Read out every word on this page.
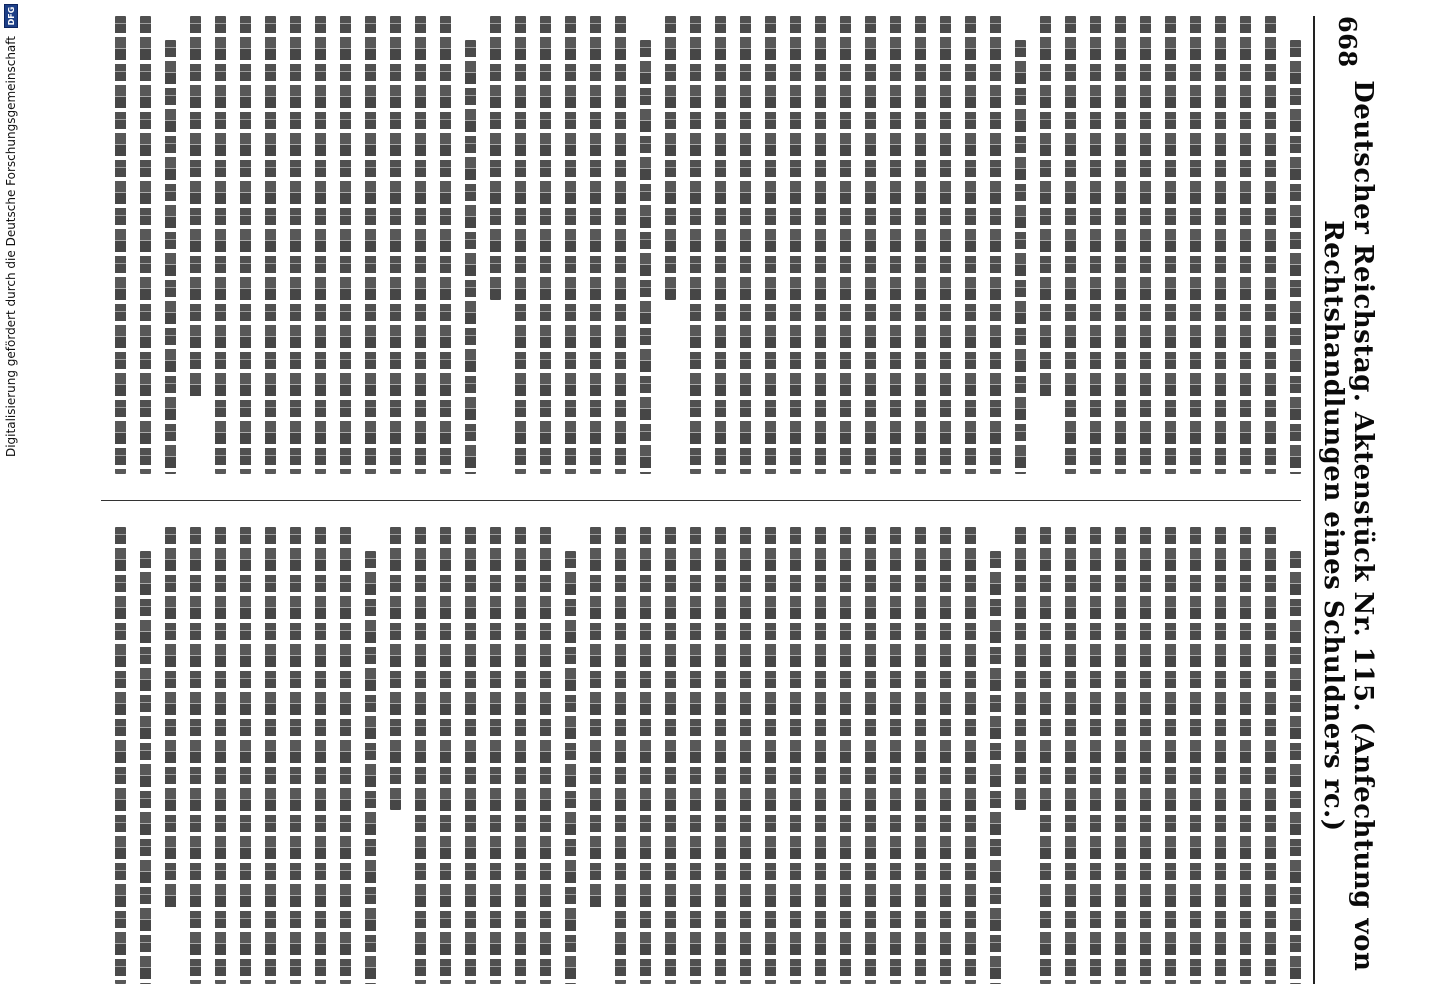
668
Deutscher Reichstag. Aktenstück Nr. 115. (Anfechtung von Rechtshandlungen eines Schuldners rc.)
Digitalisierung gefördert durch die Deutsche Forschungsgemeinschaft
DFG
